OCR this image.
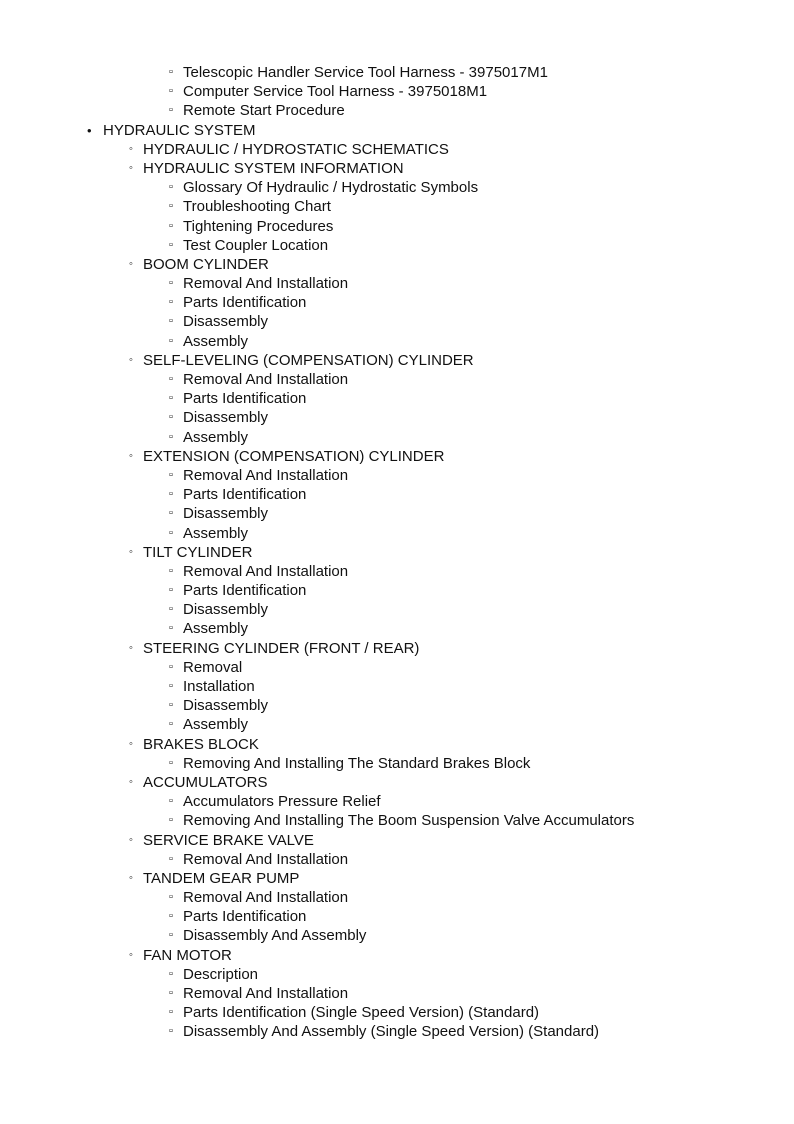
▫ Telescopic Handler Service Tool Harness - 3975017M1
▫ Computer Service Tool Harness - 3975018M1
▫ Remote Start Procedure
• HYDRAULIC SYSTEM
◦ HYDRAULIC / HYDROSTATIC SCHEMATICS
◦ HYDRAULIC SYSTEM INFORMATION
▫ Glossary Of Hydraulic / Hydrostatic Symbols
▫ Troubleshooting Chart
▫ Tightening Procedures
▫ Test Coupler Location
◦ BOOM CYLINDER
▫ Removal And Installation
▫ Parts Identification
▫ Disassembly
▫ Assembly
◦ SELF-LEVELING (COMPENSATION) CYLINDER
▫ Removal And Installation
▫ Parts Identification
▫ Disassembly
▫ Assembly
◦ EXTENSION (COMPENSATION) CYLINDER
▫ Removal And Installation
▫ Parts Identification
▫ Disassembly
▫ Assembly
◦ TILT CYLINDER
▫ Removal And Installation
▫ Parts Identification
▫ Disassembly
▫ Assembly
◦ STEERING CYLINDER (FRONT / REAR)
▫ Removal
▫ Installation
▫ Disassembly
▫ Assembly
◦ BRAKES BLOCK
▫ Removing And Installing The Standard Brakes Block
◦ ACCUMULATORS
▫ Accumulators Pressure Relief
▫ Removing And Installing The Boom Suspension Valve Accumulators
◦ SERVICE BRAKE VALVE
▫ Removal And Installation
◦ TANDEM GEAR PUMP
▫ Removal And Installation
▫ Parts Identification
▫ Disassembly And Assembly
◦ FAN MOTOR
▫ Description
▫ Removal And Installation
▫ Parts Identification (Single Speed Version) (Standard)
▫ Disassembly And Assembly (Single Speed Version) (Standard)
